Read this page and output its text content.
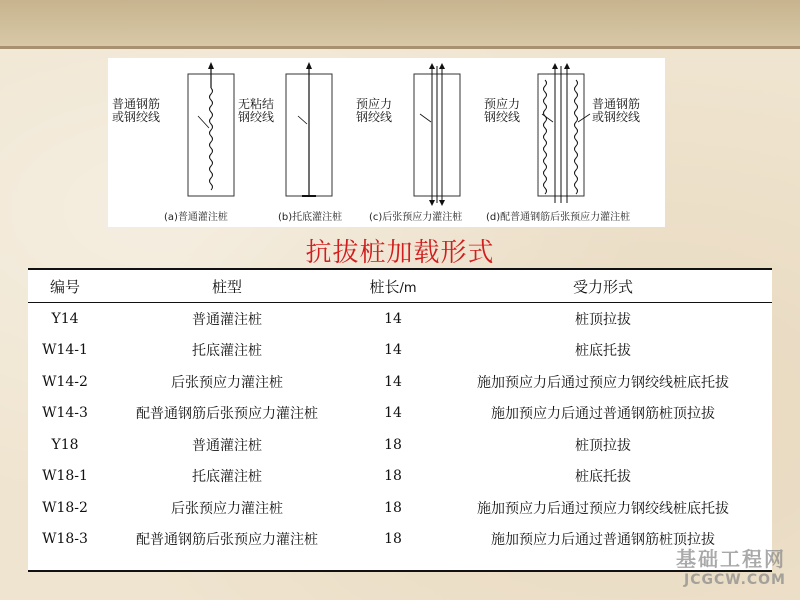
普通钢筋
或钢绞线
无粘结
钢绞线
预应力
钢绞线
预应力
钢绞线
普通钢筋
或钢绞线
(a)普通灌注桩	(b)托底灌注桩	(c)后张预应力灌注桩 (d)配普通钢筋后张预应力灌注桩
抗拔桩加载形式
编号	桩型	桩长/m	受力形式
Y14	普通灌注桩	14	桩顶拉拔
W14-1	托底灌注桩	14	桩底托拔
W14-2	后张预应力灌注桩	14	施加预应力后通过预应力钢绞线桩底托拔
W14-3	配普通钢筋后张预应力灌注桩	14	施加预应力后通过普通钢筋桩顶拉拔
Y18	普通灌注桩	18	桩顶拉拔
W18-1	托底灌注桩	18	桩底托拔
W18-2	后张预应力灌注桩	18	施加预应力后通过预应力钢绞线桩底托拔
W18-3	配普通钢筋后张预应力灌注桩	18	施加预应力后通过普通钢筋桩顶拉拔
基础工程网
JCGCW.COM
